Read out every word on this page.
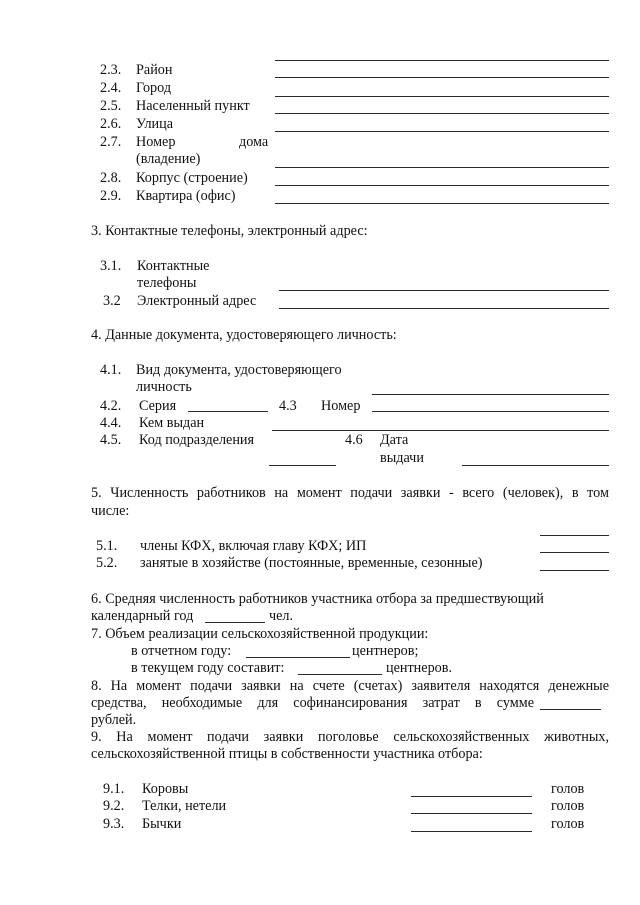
2.3. Район
2.4. Город
2.5. Населенный пункт
2.6. Улица
2.7. Номер	дома
(владение)
2.8. Корпус (строение)
2.9. Квартира (офис)
3. Контактные телефоны, электронный адрес:
3.1. Контактные
телефоны
3.2 Электронный адрес
4. Данные документа, удостоверяющего личность:
4.1. Вид документа, удостоверяющего
личность
4.2. Серия	4.3 Номер
4.4. Кем выдан
4.5. Код подразделения	4.6 Дата
выдачи
5. Численность работников на момент подачи заявки - всего (человек), в том
числе:
5.1. члены КФХ, включая главу КФХ; ИП
5.2. занятые в хозяйстве (постоянные, временные, сезонные)
6. Средняя численность работников участника отбора за предшествующий
календарный год	чел.
7. Объем реализации сельскохозяйственной продукции:
в отчетном году:	центнеров;
в текущем году составит:	центнеров.
8. На момент подачи заявки на счете (счетах) заявителя находятся денежные
средства, необходимые для софинансирования затрат в сумме
рублей.
9. На момент подачи заявки поголовье сельскохозяйственных животных,
сельскохозяйственной птицы в собственности участника отбора:
9.1. Коровы	голов
9.2. Телки, нетели	голов
9.3. Бычки	голов
